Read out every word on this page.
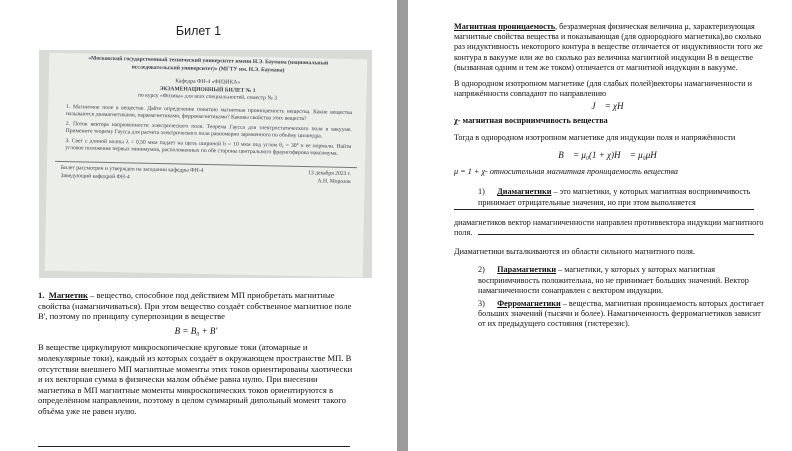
Билет 1
«Московский государственный технический университет имени Н.Э. Баумана (национальный исследовательский университет)» (МГТУ им. Н.Э. Баумана)
Кафедра ФН-4 «ФИЗИКА»
ЭКЗАМЕНАЦИОННЫЙ БИЛЕТ № 1
по курсу «Физика» для всех специальностей, семестр № 3
1. Магнитное поле в веществе. Дайте определение понятию магнитная проницаемость вещества. Какие вещества называются диамагнетиками, парамагнетиками, ферромагнетиками? Каковы свойства этих веществ?
2. Поток вектора напряженности электрического поля. Теорема Гаусса для электростатического поля в вакууме. Примените теорему Гаусса для расчета электрического поля равномерно заряженного по объёму цилиндра.
3. Свет с длиной волны λ = 0,50 мкм падает на щель шириной b = 10 мкм под углом θ₀ = 30° к ее нормали. Найти угловое положение первых минимумов, расположенных по обе стороны центрального фраунгоферова максимума.
Билет рассмотрен и утвержден на заседании кафедры ФН-4	13 декабря 2023 г.
Заведующий кафедрой ФН-4
А.Н. Морозов

1. Магнетик – вещество, способное под действием МП приобретать магнитные свойства (намагничиваться). При этом вещество создаёт собственное магнитное поле B', поэтому по принципу суперпозиции в веществе

B = B₀ + B'

В веществе циркулируют микроскопические круговые токи (атомарные и молекулярные токи), каждый из которых создаёт в окружающем пространстве МП. В отсутствии внешнего МП магнитные моменты этих токов ориентированы хаотически и их векторная сумма в физически малом объёме равна нулю. При внесении магнетика в МП магнитные моменты микроскопических токов ориентируются в определённом направлении, поэтому в целом суммарный дипольный момент такого объёма уже не равен нулю.

Магнитная проницаемость, безразмерная физическая величина μ, характеризующая магнитные свойства вещества и показывающая (для однородного магнетика),во сколько раз индуктивность некоторого контура в веществе отличается от индуктивности того же контура в вакууме или же во сколько раз величина магнитной индукции B в веществе (вызванная одним и тем же током) отличается от магнитной индукции в вакууме.

В однородном изотропном магнетике (для слабых полей)векторы намагниченности и напряжённости совпадают по направлению

J⃗ = χH⃗

χ- магнитная восприимчивость вещества

Тогда в однородном изотропном магнетике для индукции поля и напряжённости

B⃗ = μ₀(1 + χ)H⃗ = μ₀μH⃗

μ = 1 + χ- относительная магнитная проницаемость вещества

1) Диамагнетики – это магнетики, у которых магнитная восприимчивость принимает отрицательные значения, но при этом выполняется

диамагнетиков вектор намагниченности направлен противвектора индукции магнитного поля.

Диамагнетики выталкиваются из области сильного магнитного поля.

2) Парамагнетики – магнетики, у которых у которых магнитная восприимчивость положительна, но не принимает больших значений. Вектор намагниченности сонаправлен с вектором индукции.

3) Ферромагнетики – вещества, магнитная проницаемость которых достигает больших значений (тысячи и более). Намагниченность ферромагнетиков зависит от их предыдущего состояния (гистерезис).
